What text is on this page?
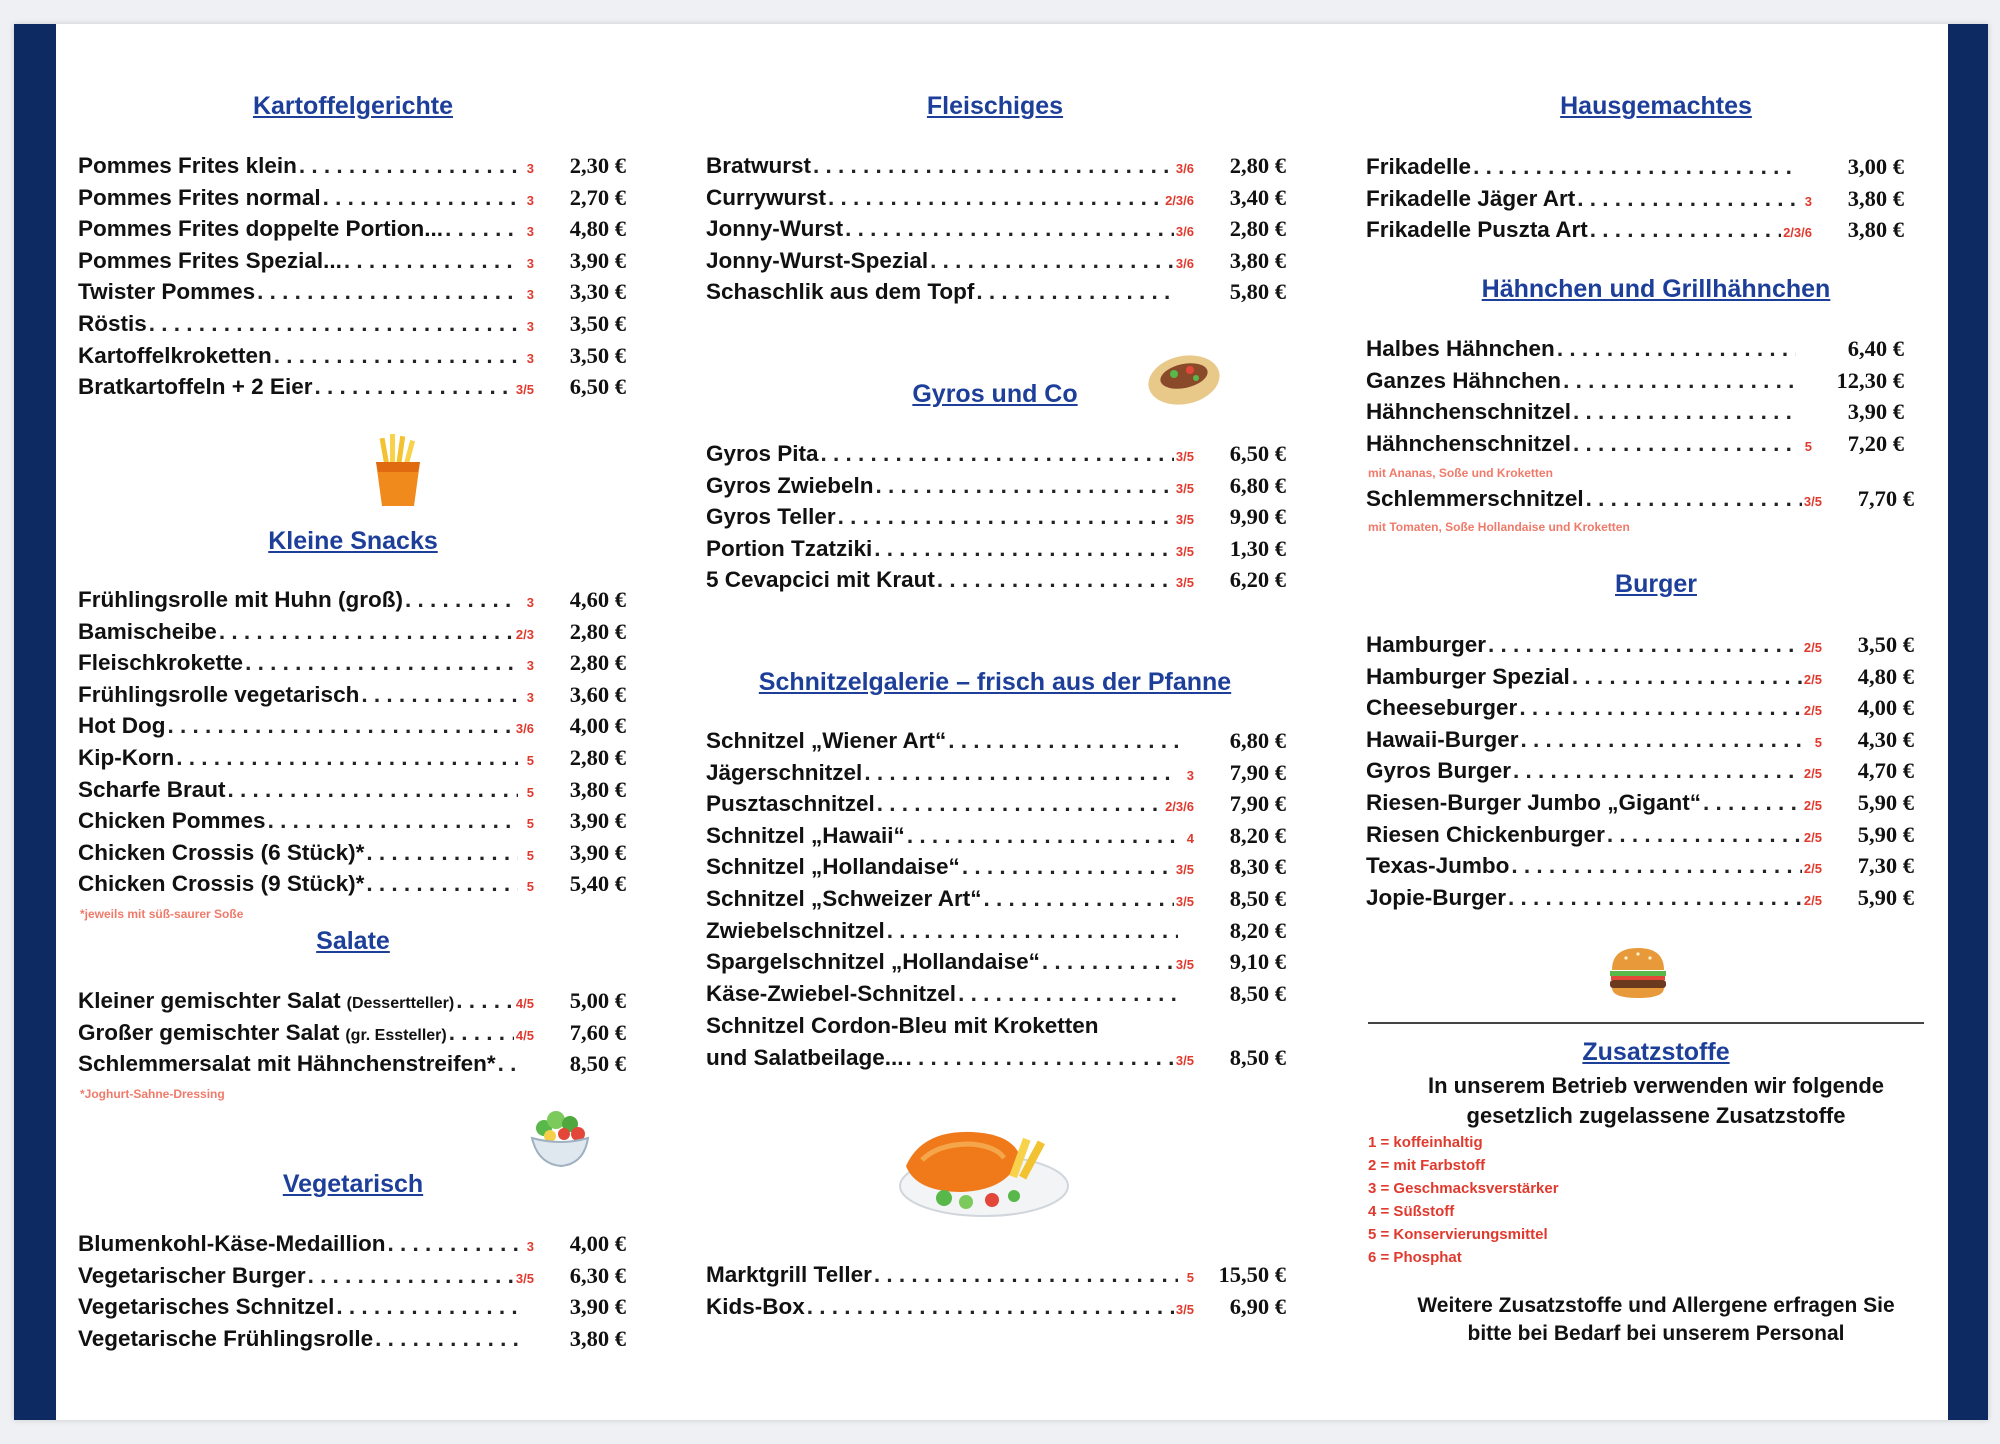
Kartoffelgerichte
Pommes Frites klein . . .	3	2,30 €
Pommes Frites normal . . .	3	2,70 €
Pommes Frites doppelte Portion... . . .	3	4,80 €
Pommes Frites Spezial... . . .	3	3,90 €
Twister Pommes . . .	3	3,30 €
Röstis . . .	3	3,50 €
Kartoffelkroketten . . .	3	3,50 €
Bratkartoffeln + 2 Eier . . .	3/5	6,50 €
Kleine Snacks
Frühlingsrolle mit Huhn (groß) . . .	3	4,60 €
Bamischeibe . . .	2/3	2,80 €
Fleischkrokette . . .	3	2,80 €
Frühlingsrolle vegetarisch . . .	3	3,60 €
Hot Dog . . .	3/6	4,00 €
Kip-Korn . . .	5	2,80 €
Scharfe Braut . . .	5	3,80 €
Chicken Pommes . . .	5	3,90 €
Chicken Crossis (6 Stück)* . . .	5	3,90 €
Chicken Crossis (9 Stück)* . . .	5	5,40 €
*jeweils mit süß-saurer Soße
Salate
Kleiner gemischter Salat (Dessertteller) . . .	4/5	5,00 €
Großer gemischter Salat (gr. Essteller) . . .	4/5	7,60 €
Schlemmersalat mit Hähnchenstreifen* . . .	8,50 €
*Joghurt-Sahne-Dressing
Vegetarisch
Blumenkohl-Käse-Medaillion . . .	3	4,00 €
Vegetarischer Burger . . .	3/5	6,30 €
Vegetarisches Schnitzel . . .	3,90 €
Vegetarische Frühlingsrolle . . .	3,80 €
Fleischiges
Bratwurst . . .	3/6	2,80 €
Currywurst . . .	2/3/6	3,40 €
Jonny-Wurst . . .	3/6	2,80 €
Jonny-Wurst-Spezial . . .	3/6	3,80 €
Schaschlik aus dem Topf . . .	5,80 €
Gyros und Co
Gyros Pita . . .	3/5	6,50 €
Gyros Zwiebeln . . .	3/5	6,80 €
Gyros Teller . . .	3/5	9,90 €
Portion Tzatziki . . .	3/5	1,30 €
5 Cevapcici mit Kraut . . .	3/5	6,20 €
Schnitzelgalerie – frisch aus der Pfanne
Schnitzel „Wiener Art“ . . .	6,80 €
Jägerschnitzel . . .	3	7,90 €
Pusztaschnitzel . . .	2/3/6	7,90 €
Schnitzel „Hawaii“ . . .	4	8,20 €
Schnitzel „Hollandaise“ . . .	3/5	8,30 €
Schnitzel „Schweizer Art“ . . .	3/5	8,50 €
Zwiebelschnitzel . . .	8,20 €
Spargelschnitzel „Hollandaise“ . . .	3/5	9,10 €
Käse-Zwiebel-Schnitzel . . .	8,50 €
Schnitzel Cordon-Bleu mit Kroketten
und Salatbeilage... . . .	3/5	8,50 €
Marktgrill Teller . . .	5	15,50 €
Kids-Box . . .	3/5	6,90 €
Hausgemachtes
Frikadelle . . .	3,00 €
Frikadelle Jäger Art . . .	3	3,80 €
Frikadelle Puszta Art . . .	2/3/6	3,80 €
Hähnchen und Grillhähnchen
Halbes Hähnchen . . .	6,40 €
Ganzes Hähnchen . . .	12,30 €
Hähnchenschnitzel . . .	3,90 €
Hähnchenschnitzel . . .	5	7,20 €
mit Ananas, Soße und Kroketten
Schlemmerschnitzel . . .	3/5	7,70 €
mit Tomaten, Soße Hollandaise und Kroketten
Burger
Hamburger . . .	2/5	3,50 €
Hamburger Spezial . . .	2/5	4,80 €
Cheeseburger . . .	2/5	4,00 €
Hawaii-Burger . . .	5	4,30 €
Gyros Burger . . .	2/5	4,70 €
Riesen-Burger Jumbo „Gigant“ . . .	2/5	5,90 €
Riesen Chickenburger . . .	2/5	5,90 €
Texas-Jumbo . . .	2/5	7,30 €
Jopie-Burger . . .	2/5	5,90 €
Zusatzstoffe
In unserem Betrieb verwenden wir folgende
gesetzlich zugelassene Zusatzstoffe
1 = koffeinhaltig
2 = mit Farbstoff
3 = Geschmacksverstärker
4 = Süßstoff
5 = Konservierungsmittel
6 = Phosphat
Weitere Zusatzstoffe und Allergene erfragen Sie
bitte bei Bedarf bei unserem Personal
